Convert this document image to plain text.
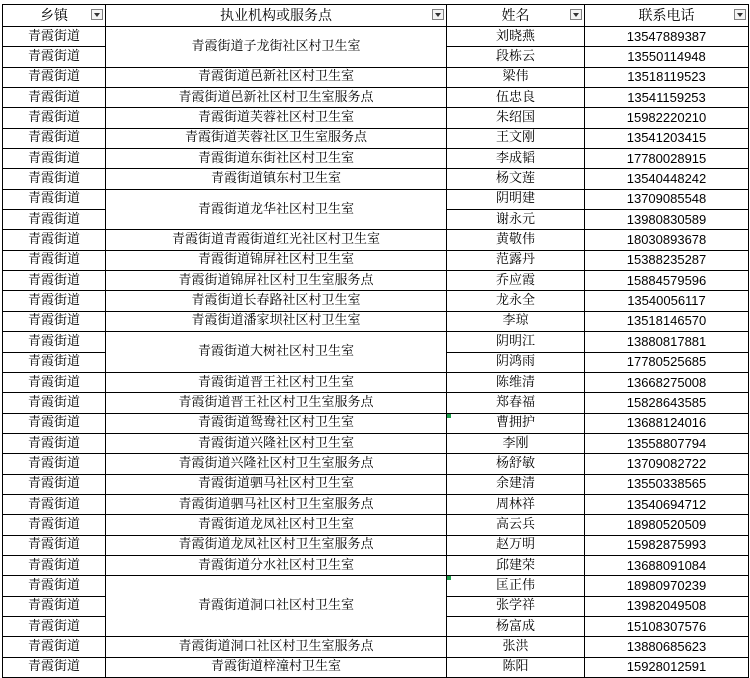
乡镇	执业机构或服务点	姓名	联系电话

青霞街道	青霞街道子龙街社区村卫生室	刘晓燕	13547889387
青霞街道		段栋云	13550114948
青霞街道	青霞街道邑新社区村卫生室	梁伟	13518119523
青霞街道	青霞街道邑新社区村卫生室服务点	伍忠良	13541159253
青霞街道	青霞街道芙蓉社区村卫生室	朱绍国	15982220210
青霞街道	青霞街道芙蓉社区卫生室服务点	王文刚	13541203415
青霞街道	青霞街道东街社区村卫生室	李成韬	17780028915
青霞街道	青霞街道镇东村卫生室	杨文莲	13540448242
青霞街道	青霞街道龙华社区村卫生室	阴明建	13709085548
青霞街道		谢永元	13980830589
青霞街道	青霞街道青霞街道红光社区村卫生室	黄敬伟	18030893678
青霞街道	青霞街道锦屏社区村卫生室	范露丹	15388235287
青霞街道	青霞街道锦屏社区村卫生室服务点	乔应霞	15884579596
青霞街道	青霞街道长春路社区村卫生室	龙永全	13540056117
青霞街道	青霞街道潘家坝社区村卫生室	李琼	13518146570
青霞街道	青霞街道大树社区村卫生室	阴明江	13880817881
青霞街道		阴鸿雨	17780525685
青霞街道	青霞街道晋王社区村卫生室	陈维清	13668275008
青霞街道	青霞街道晋王社区村卫生室服务点	郑春福	15828643585
青霞街道	青霞街道鸳鸯社区村卫生室	曹拥护	13688124016
青霞街道	青霞街道兴隆社区村卫生室	李刚	13558807794
青霞街道	青霞街道兴隆社区村卫生室服务点	杨舒敏	13709082722
青霞街道	青霞街道驷马社区村卫生室	余建清	13550338565
青霞街道	青霞街道驷马社区村卫生室服务点	周林祥	13540694712
青霞街道	青霞街道龙凤社区村卫生室	高云兵	18980520509
青霞街道	青霞街道龙凤社区村卫生室服务点	赵万明	15982875993
青霞街道	青霞街道分水社区村卫生室	邱建荣	13688091084
青霞街道	青霞街道洞口社区村卫生室	匡正伟	18980970239
青霞街道		张学祥	13982049508
青霞街道		杨富成	15108307576
青霞街道	青霞街道洞口社区村卫生室服务点	张洪	13880685623
青霞街道	青霞街道梓潼村卫生室	陈阳	15928012591
